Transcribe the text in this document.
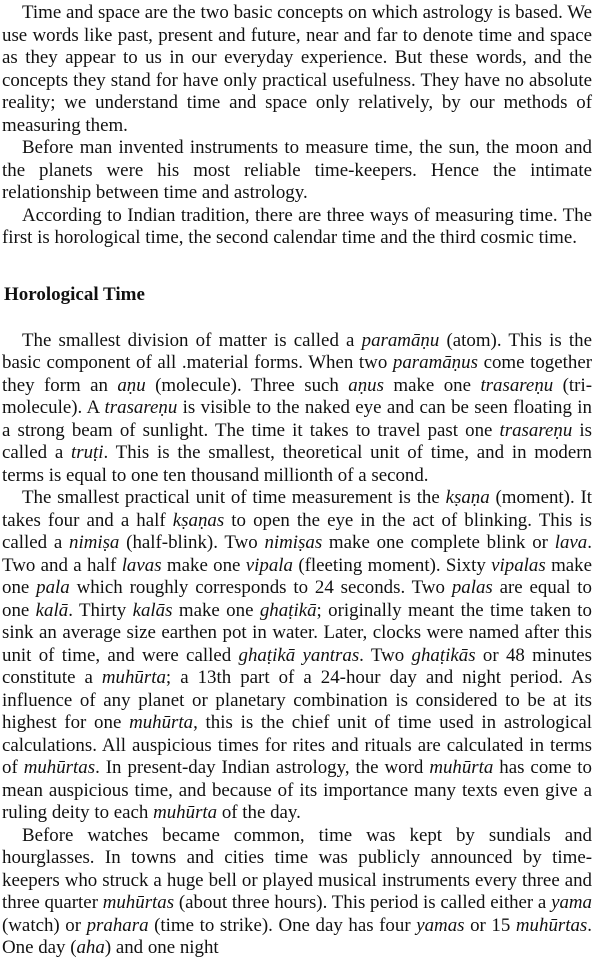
Time and space are the two basic concepts on which astrology is based. We use words like past, present and future, near and far to denote time and space as they appear to us in our everyday experience. But these words, and the concepts they stand for have only practical usefulness. They have no absolute reality; we understand time and space only relatively, by our methods of measuring them.

Before man invented instruments to measure time, the sun, the moon and the planets were his most reliable time-keepers. Hence the intimate relationship between time and astrology.

According to Indian tradition, there are three ways of measuring time. The first is horological time, the second calendar time and the third cosmic time.

Horological Time

The smallest division of matter is called a paramāṇu (atom). This is the basic component of all .material forms. When two paramāṇus come together they form an aṇu (molecule). Three such aṇus make one trasareṇu (tri-molecule). A trasareṇu is visible to the naked eye and can be seen floating in a strong beam of sunlight. The time it takes to travel past one trasareṇu is called a truṭi. This is the smallest, theoretical unit of time, and in modern terms is equal to one ten thousand millionth of a second.

The smallest practical unit of time measurement is the kṣaṇa (moment). It takes four and a half kṣaṇas to open the eye in the act of blinking. This is called a nimiṣa (half-blink). Two nimiṣas make one complete blink or lava. Two and a half lavas make one vipala (fleeting moment). Sixty vipalas make one pala which roughly corresponds to 24 seconds. Two palas are equal to one kalā. Thirty kalās make one ghaṭikā; originally meant the time taken to sink an average size earthen pot in water. Later, clocks were named after this unit of time, and were called ghaṭikā yantras. Two ghaṭikās or 48 minutes constitute a muhūrta; a 13th part of a 24-hour day and night period. As influence of any planet or planetary combination is considered to be at its highest for one muhūrta, this is the chief unit of time used in astrological calculations. All auspicious times for rites and rituals are calculated in terms of muhūrtas. In present-day Indian astrology, the word muhūrta has come to mean auspicious time, and because of its importance many texts even give a ruling deity to each muhūrta of the day.

Before watches became common, time was kept by sundials and hourglasses. In towns and cities time was publicly announced by time-keepers who struck a huge bell or played musical instruments every three and three quarter muhūrtas (about three hours). This period is called either a yama (watch) or prahara (time to strike). One day has four yamas or 15 muhūrtas. One day (aha) and one night
